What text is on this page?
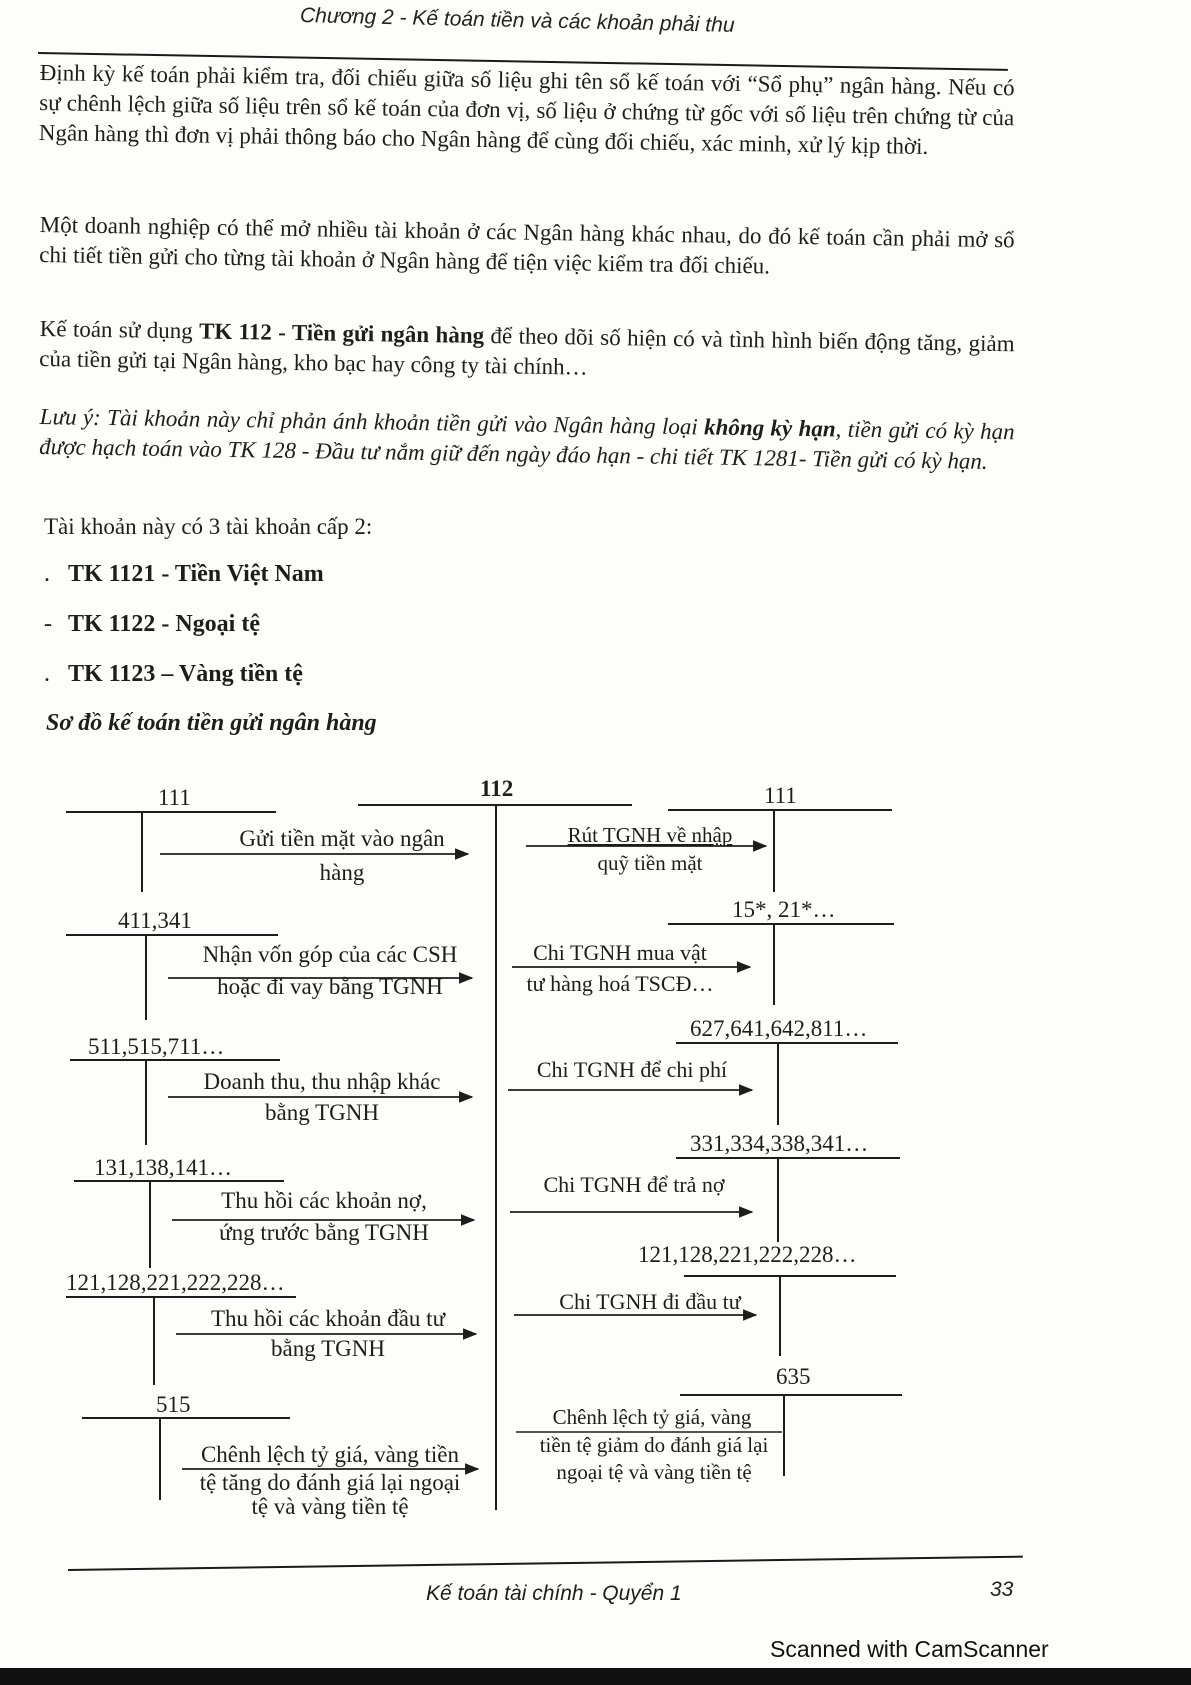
Chương 2 - Kế toán tiền và các khoản phải thu
Định kỳ kế toán phải kiểm tra, đối chiếu giữa số liệu ghi tên sổ kế toán với “Sổ phụ” ngân hàng. Nếu có sự chênh lệch giữa số liệu trên sổ kế toán của đơn vị, số liệu ở chứng từ gốc với số liệu trên chứng từ của Ngân hàng thì đơn vị phải thông báo cho Ngân hàng để cùng đối chiếu, xác minh, xử lý kịp thời.
Một doanh nghiệp có thể mở nhiều tài khoản ở các Ngân hàng khác nhau, do đó kế toán cần phải mở sổ chi tiết tiền gửi cho từng tài khoản ở Ngân hàng để tiện việc kiểm tra đối chiếu.
Kế toán sử dụng TK 112 - Tiền gửi ngân hàng để theo dõi số hiện có và tình hình biến động tăng, giảm của tiền gửi tại Ngân hàng, kho bạc hay công ty tài chính…
Lưu ý: Tài khoản này chỉ phản ánh khoản tiền gửi vào Ngân hàng loại không kỳ hạn, tiền gửi có kỳ hạn được hạch toán vào TK 128 - Đầu tư nắm giữ đến ngày đáo hạn - chi tiết TK 1281- Tiền gửi có kỳ hạn.
Tài khoản này có 3 tài khoản cấp 2:
. TK 1121 - Tiền Việt Nam
- TK 1122 - Ngoại tệ
. TK 1123 – Vàng tiền tệ
Sơ đồ kế toán tiền gửi ngân hàng
112
111
Gửi tiền mặt vào ngân
hàng
411,341
Nhận vốn góp của các CSH
hoặc đi vay bằng TGNH
511,515,711…
Doanh thu, thu nhập khác
bằng TGNH
131,138,141…
Thu hồi các khoản nợ,
ứng trước bằng TGNH
121,128,221,222,228…
Thu hồi các khoản đầu tư
bằng TGNH
515
Chênh lệch tỷ giá, vàng tiền
tệ tăng do đánh giá lại ngoại
tệ và vàng tiền tệ
111
Rút TGNH về nhập
quỹ tiền mặt
15*, 21*…
Chi TGNH mua vật
tư hàng hoá TSCĐ…
627,641,642,811…
Chi TGNH để chi phí
331,334,338,341…
Chi TGNH để trả nợ
121,128,221,222,228…
Chi TGNH đi đầu tư
635
Chênh lệch tỷ giá, vàng
tiền tệ giảm do đánh giá lại
ngoại tệ và vàng tiền tệ
Kế toán tài chính - Quyển 1	33
Scanned with CamScanner
